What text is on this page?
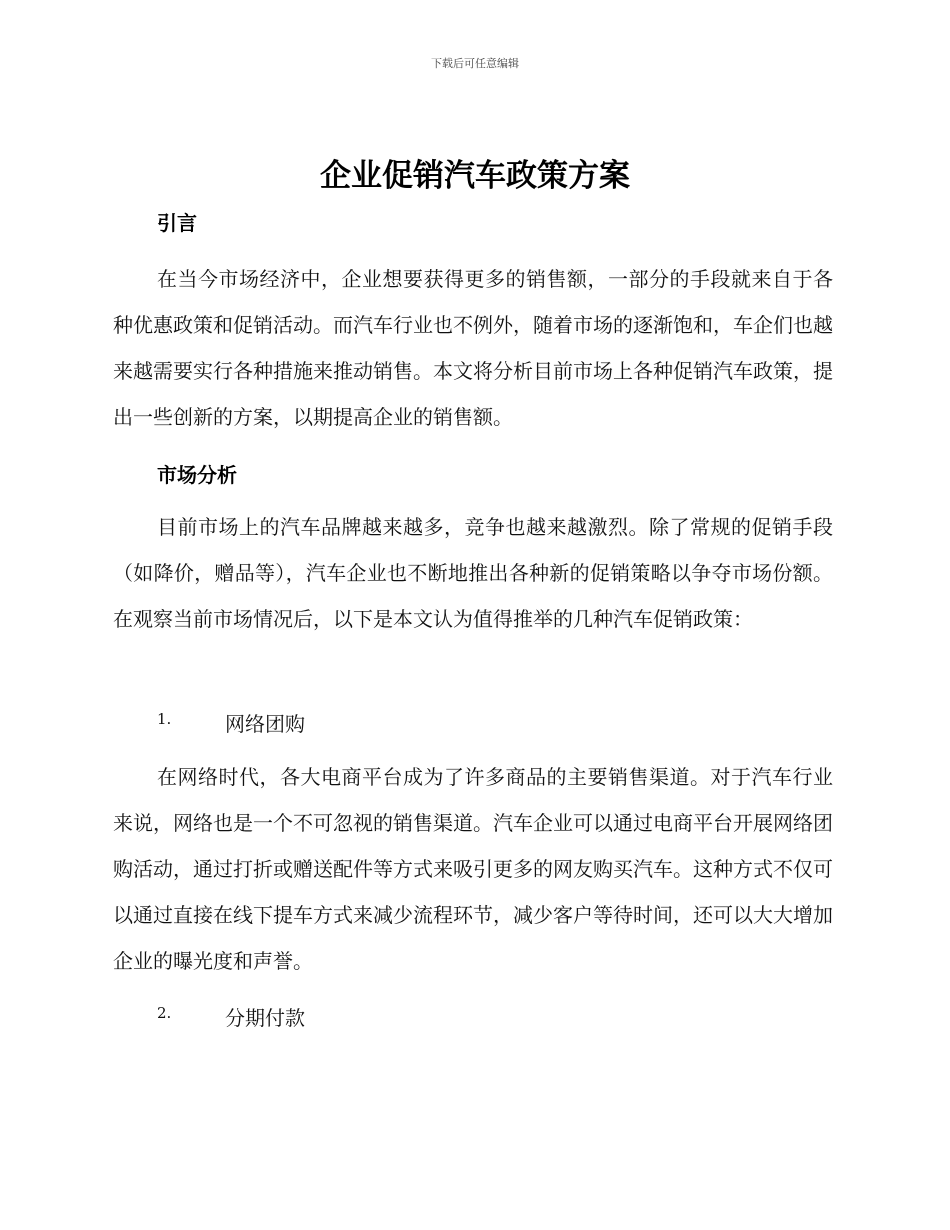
下载后可任意编辑
企业促销汽车政策方案
引言

在当今市场经济中，企业想要获得更多的销售额，一部分的手段就来自于各种优惠政策和促销活动。而汽车行业也不例外，随着市场的逐渐饱和，车企们也越来越需要实行各种措施来推动销售。本文将分析目前市场上各种促销汽车政策，提出一些创新的方案，以期提高企业的销售额。

市场分析

目前市场上的汽车品牌越来越多，竞争也越来越激烈。除了常规的促销手段（如降价，赠品等），汽车企业也不断地推出各种新的促销策略以争夺市场份额。在观察当前市场情况后，以下是本文认为值得推举的几种汽车促销政策：

1.	网络团购

在网络时代，各大电商平台成为了许多商品的主要销售渠道。对于汽车行业来说，网络也是一个不可忽视的销售渠道。汽车企业可以通过电商平台开展网络团购活动，通过打折或赠送配件等方式来吸引更多的网友购买汽车。这种方式不仅可以通过直接在线下提车方式来减少流程环节，减少客户等待时间，还可以大大增加企业的曝光度和声誉。

2.	分期付款
